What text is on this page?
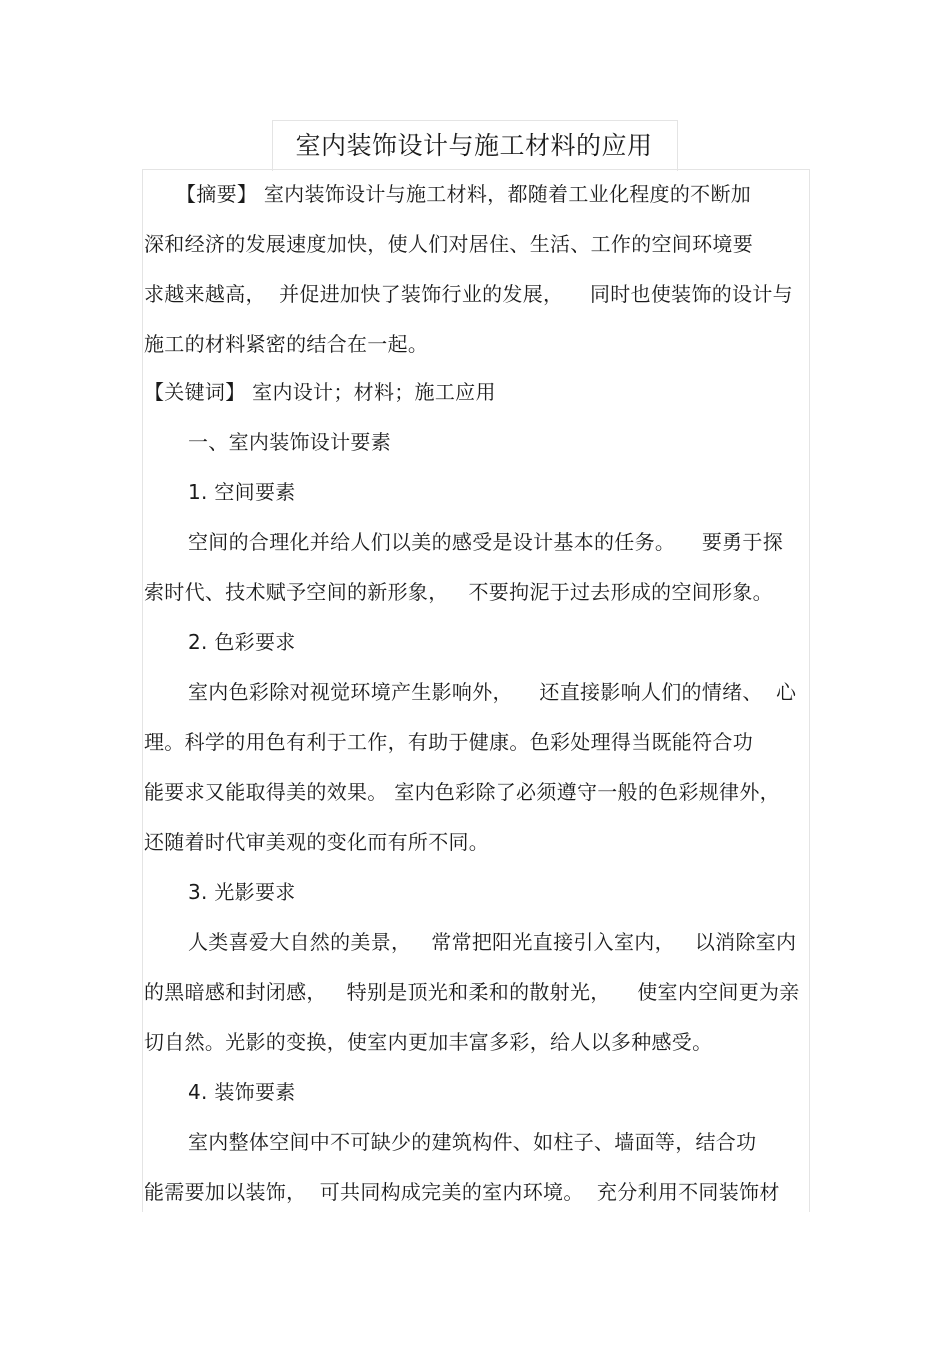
室内装饰设计与施工材料的应用
【摘要】 室内装饰设计与施工材料，都随着工业化程度的不断加
深和经济的发展速度加快，使人们对居住、生活、工作的空间环境要
求越来越高，  并促进加快了装饰行业的发展，    同时也使装饰的设计与
施工的材料紧密的结合在一起。
【关键词】 室内设计；材料；施工应用
一、室内装饰设计要素
1. 空间要素
空间的合理化并给人们以美的感受是设计基本的任务。    要勇于探
索时代、技术赋予空间的新形象，   不要拘泥于过去形成的空间形象。
2. 色彩要求
室内色彩除对视觉环境产生影响外，    还直接影响人们的情绪、  心
理。科学的用色有利于工作，有助于健康。色彩处理得当既能符合功
能要求又能取得美的效果。 室内色彩除了必须遵守一般的色彩规律外，
还随着时代审美观的变化而有所不同。
3. 光影要求
人类喜爱大自然的美景，   常常把阳光直接引入室内，   以消除室内
的黑暗感和封闭感，   特别是顶光和柔和的散射光，    使室内空间更为亲
切自然。光影的变换，使室内更加丰富多彩，给人以多种感受。
4. 装饰要素
室内整体空间中不可缺少的建筑构件、如柱子、墙面等，结合功
能需要加以装饰，  可共同构成完美的室内环境。  充分利用不同装饰材
